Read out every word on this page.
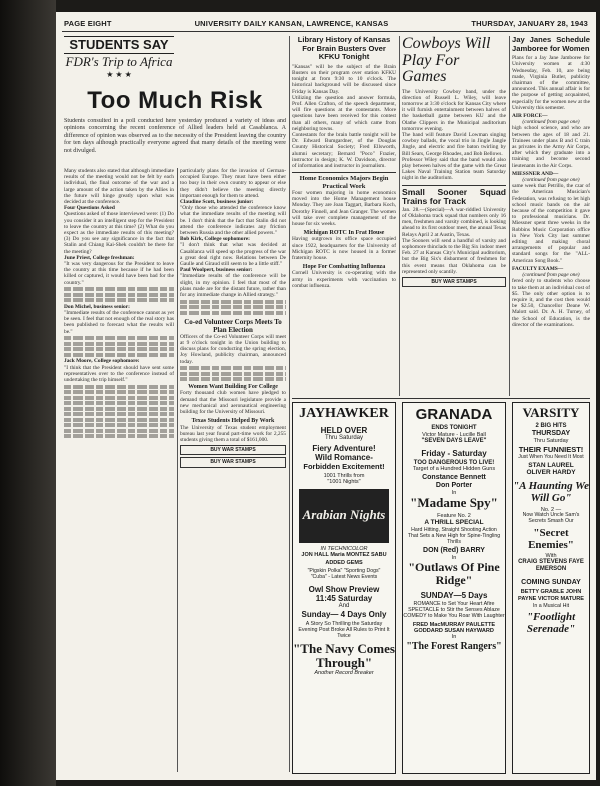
PAGE EIGHT	UNIVERSITY DAILY KANSAN, LAWRENCE, KANSAS	THURSDAY, JANUARY 28, 1943
STUDENTS SAY
FDR's Trip to Africa
★ ★ ★
Too Much Risk

Students consulted in a poll conducted here yesterday produced a variety of ideas and opinions concerning the recent conference of Allied leaders held at Casablanca. A difference of opinion was observed as to the necessity of the President leaving the country for ten days although practically everyone agreed that many details of the meeting were not divulged.

Many students also stated that although immediate results of the meeting would not be felt by each individual, the final outcome of the war and a large amount of the action taken by the Allies in the future will hinge greatly upon what was decided at the conference.

Four Questions Asked

Questions asked of those interviewed were: (1) Do you consider it an intelligent step for the President to leave the country at this time? (2) What do you expect as the immediate results of this meeting? (3) Do you see any significance in the fact that Stalin and Chiang Kai-Shek couldn't be there for the meeting?

June Priest, College freshman:

"It was very dangerous for the President to leave the country at this time because if he had been killed or captured, it would have been bad for the country."

Don Michel, business senior:

"Immediate results of the conference cannot as yet be seen. I feel that not enough of the real story has been published to forecast what the results will be."

Jack Moore, College sophomore:

"I think that the President should have sent some representatives over to the conference instead of undertaking the trip himself."

particularly plans for the invasion of German-occupied Europe. They must have been either too busy in their own country to appear or else they didn't believe the meeting directly important enough for them to attend.

Claudine Scott, business junior:

"Only those who attended the conference know what the immediate results of the meeting will be. I don't think that the fact that Stalin did not attend the conference indicates any friction between Russia and the other allied powers."

Bob Kirk, College sophomore:

"I don't think that what was decided at Casablanca will speed up the progress of the war a great deal right now. Relations between De Gaulle and Giraud still seem to be a little stiff."

Paul Woolpert, business senior:

"Immediate results of the conference will be slight, in my opinion. I feel that most of the plans made are for the distant future, rather than for any immediate change in Allied strategy."

Co-ed Volunteer Corps Meets To Plan Election

Officers of the Co-ed Volunteer Corps will meet at 9 o'clock tonight in the Union building to discuss plans for conducting the spring election, Joy Howland, publicity chairman, announced today.

Women Want Building For College

Forty thousand club women have pledged to demand that the Missouri legislature provide a new mechanical and aeronautical engineering building for the University of Missouri.

Texas Students Helped By Work

The University of Texas student employment bureau last year found part-time work for 2,255 students giving them a total of $161,000.

BUY WAR STAMPS
BUY WAR STAMPS
Library History of Kansas For Brain Busters Over KFKU Tonight

"Kansas" will be the subject of the Brain Busters on their program over station KFKU tonight at from 9:30 to 10 o'clock. The historical background will be discussed since Friday is Kansas Day.

Utilizing the question and answer formula, Prof. Allen Crafton, of the speech department, will fire questions at the contestants. More questions have been received for this contest than all others, many of which came from neighboring towns.

Contestants for the brain battle tonight will be Dr. Edward Bumgardner, of the Douglas County Historical Society; Fred Ellsworth, alumni secretary; Bernard "Poco" Frazier, instructor in design; K. W. Davidson, director of information and instructor in journalism.

Home Economics Majors Begin Practical Work

Four women majoring in home economics moved into the Home Management house Monday. They are Joan Taggart, Barbara Koch, Dorothy Finnell, and Jean Granger. The women will take over complete management of the house for six weeks.

Michigan ROTC In Frat House

Having outgrown its office space occupied since 1922, headquarters for the University of Michigan ROTC is now housed in a former fraternity house.

Hope For Combatting Influenza

Cornell University is co-operating with the army in experiments with vaccination to combat influenza.

Cowboys Will Play For Games

The University Cowboy band, under the direction of Russell L. Wiley, will leave tomorrow at 3:30 o'clock for Kansas City where it will furnish entertainment between halves of the basketball game between KU and the Olathe Clippers in the Municipal auditorium tomorrow evening.

The band will feature David Lowman singing cowboy ballads, the vocal trio in Jingle Jangle Jingle, and electric and fire baton twirling by Bill Sears, George Rhoades, and Bob Bellows.

Professor Wiley said that the band would also play between halves of the game with the Great Lakes Naval Training Station team Saturday night in the auditorium.

Small Sooner Squad Trains for Track

Jan. 28.—(Special)—A war-riddled University of Oklahoma track squad that numbers only 16 men, freshmen and varsity combined, is looking ahead to its first outdoor meet, the annual Texas Relays April 2 at Austin, Texas.

The Sooners will send a handful of varsity and sophomore thinclads to the Big Six indoor meet Feb. 27 at Kansas City's Municipal auditorium, but the Big Six's disbarment of freshmen for this event means that Oklahoma can be represented only scantily.

BUY WAR STAMPS
Jay Janes Schedule Jamboree for Women

Plans for a Jay Jane Jamboree for University women at 4:30 Wednesday, Feb. 10, are being made, Virginia Butler, publicity chairman of the committee, announced. This annual affair is for the purpose of getting acquainted, especially for the women new at the University this semester.

AIR FORCE—
(continued from page one)

high school science, and who are between the ages of 18 and 21. Trainees under plans B and C train as privates in the Army Air Corps, after which they graduate into a training and become second lieutenants in the Air Corps.

MIESSNER AND—
(continued from page one)

same week that Petrillo, the czar of the American Musician's Federation, was refusing to let high school music bands on the air because of the competition it gave to professional musicians. Dr. Miessner spent three weeks in the Robbins Music Corporation office in New York City last summer editing and making choral arrangements of popular and standard songs for the "ALL-American Song Book."

FACULTY EXAMS—
(continued from page one)

fered only to students who choose to take them at an individual cost of $5. The only other option is to require it, and the cost then would be $2.50, Chancellor Deane W. Malott said. Dr. A. H. Turney, of the School of Education, is the director of the examinations.

JAYHAWKER
HELD OVER
Thru Saturday
Fiery Adventure!
Wild Romance-
Forbidden Excitement!
1001 Thrills from
"1001 Nights"
Arabian Nights
IN TECHNICOLOR
JON HALL Maria MONTEZ SABU
ADDED GEMS
"Pigskin Polka" "Sporting Dogs"
"Cuba" - Latest News Events
Owl Show Preview
11:45 Saturday
And
Sunday— 4 Days Only
A Story So Thrilling the Saturday Evening Post Broke All Rules to Print It Twice
"The Navy Comes Through"
Another Record Breaker
GRANADA
ENDS TONIGHT
Victor Mature - Lucille Ball
"SEVEN DAYS LEAVE"
Friday - Saturday
TOO DANGEROUS TO LIVE!
Target of a Hundred Hidden Guns
Constance Bennett
Don Porter
In
"Madame Spy"
Feature No. 2
A THRILL SPECIAL
Hard Hitting, Straight Shooting Action That Sets a New High for Spine-Tingling Thrills
DON (Red) BARRY
In
"Outlaws Of Pine Ridge"
SUNDAY—5 Days
ROMANCE to Set Your Heart Afire
SPECTACLE to Stir the Senses Ablaze
COMEDY to Make You Roar With Laughter
FRED MacMURRAY PAULETTE GODDARD SUSAN HAYWARD
In
"The Forest Rangers"
VARSITY
2 BIG HITS
THURSDAY
Thru Saturday
THEIR FUNNIEST!
Just When You Need It Most
STAN LAUREL
OLIVER HARDY
"A Haunting We Will Go"
No. 2 —
Now Watch Uncle Sam's Secrets Smash Our
"Secret Enemies"
With
CRAIG STEVENS FAYE EMERSON
COMING SUNDAY
BETTY GRABLE JOHN PAYNE VICTOR MATURE
In a Musical Hit
"Footlight Serenade"
